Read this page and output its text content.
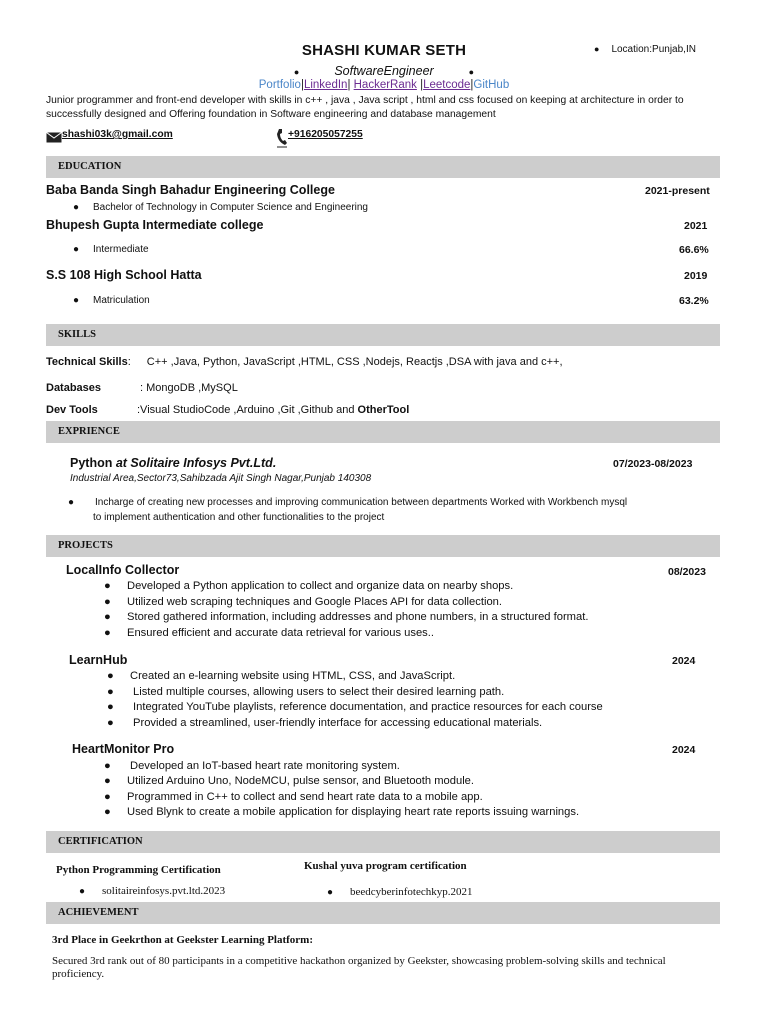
SHASHI KUMAR SETH	● Location:Punjab,IN
●	SoftwareEngineer	●
Portfolio|LinkedIn| HackerRank |Leetcode|GitHub
Junior programmer and front-end developer with skills in c++ , java , Java script , html and css focused on keeping at architecture in order to successfully designed and Offering foundation in Software engineering and database management
shashi03k@gmail.com	+916205057255
EDUCATION
Baba Banda Singh Bahadur Engineering College	2021-present
● Bachelor of Technology in Computer Science and Engineering
Bhupesh Gupta Intermediate college	2021
● Intermediate	66.6%
S.S 108 High School Hatta	2019
● Matriculation	63.2%
SKILLS
Technical Skills: C++ ,Java, Python, JavaScript ,HTML, CSS ,Nodejs, Reactjs ,DSA with java and c++,
Databases	: MongoDB ,MySQL
Dev Tools	:Visual StudioCode ,Arduino ,Git ,Github and OtherTool
EXPRIENCE
Python at Solitaire Infosys Pvt.Ltd.	07/2023-08/2023
Industrial Area,Sector73,Sahibzada Ajit Singh Nagar,Punjab 140308
● Incharge of creating new processes and improving communication between departments Worked with Workbench mysql
to implement authentication and other functionalities to the project
PROJECTS
LocalInfo Collector	08/2023
● Developed a Python application to collect and organize data on nearby shops.
● Utilized web scraping techniques and Google Places API for data collection.
● Stored gathered information, including addresses and phone numbers, in a structured format.
● Ensured efficient and accurate data retrieval for various uses..
LearnHub	2024
● Created an e-learning website using HTML, CSS, and JavaScript.
● Listed multiple courses, allowing users to select their desired learning path.
● Integrated YouTube playlists, reference documentation, and practice resources for each course
● Provided a streamlined, user-friendly interface for accessing educational materials.
HeartMonitor Pro	2024
● Developed an IoT-based heart rate monitoring system.
● Utilized Arduino Uno, NodeMCU, pulse sensor, and Bluetooth module.
● Programmed in C++ to collect and send heart rate data to a mobile app.
● Used Blynk to create a mobile application for displaying heart rate reports issuing warnings.
CERTIFICATION
Python Programming Certification
● solitaireinfosys.pvt.ltd.2023
Kushal yuva program certification
● beedcyberinfotechkyp.2021
ACHIEVEMENT
3rd Place in Geekrthon at Geekster Learning Platform:
Secured 3rd rank out of 80 participants in a competitive hackathon organized by Geekster, showcasing problem-solving skills and technical proficiency.
